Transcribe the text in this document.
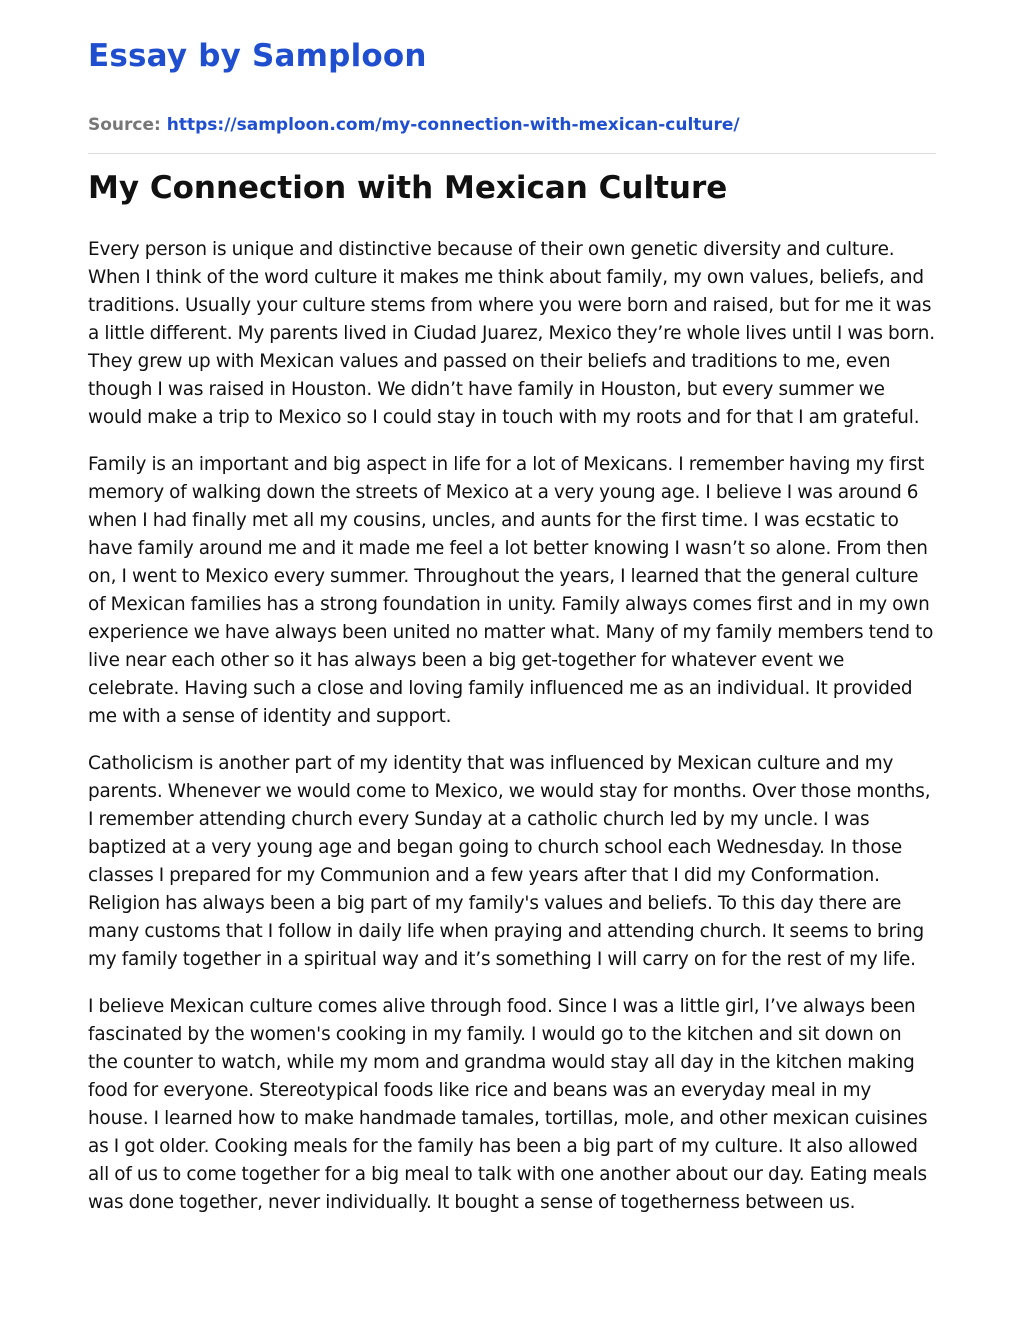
Essay by Samploon
Source: https://samploon.com/my-connection-with-mexican-culture/
My Connection with Mexican Culture

Every person is unique and distinctive because of their own genetic diversity and culture. When I think of the word culture it makes me think about family, my own values, beliefs, and traditions. Usually your culture stems from where you were born and raised, but for me it was a little different. My parents lived in Ciudad Juarez, Mexico they’re whole lives until I was born. They grew up with Mexican values and passed on their beliefs and traditions to me, even though I was raised in Houston. We didn’t have family in Houston, but every summer we would make a trip to Mexico so I could stay in touch with my roots and for that I am grateful.

Family is an important and big aspect in life for a lot of Mexicans. I remember having my first memory of walking down the streets of Mexico at a very young age. I believe I was around 6 when I had finally met all my cousins, uncles, and aunts for the first time. I was ecstatic to have family around me and it made me feel a lot better knowing I wasn’t so alone. From then on, I went to Mexico every summer. Throughout the years, I learned that the general culture of Mexican families has a strong foundation in unity. Family always comes first and in my own experience we have always been united no matter what. Many of my family members tend to live near each other so it has always been a big get-together for whatever event we celebrate. Having such a close and loving family influenced me as an individual. It provided me with a sense of identity and support.

Catholicism is another part of my identity that was influenced by Mexican culture and my parents. Whenever we would come to Mexico, we would stay for months. Over those months, I remember attending church every Sunday at a catholic church led by my uncle. I was baptized at a very young age and began going to church school each Wednesday. In those classes I prepared for my Communion and a few years after that I did my Conformation. Religion has always been a big part of my family's values and beliefs. To this day there are many customs that I follow in daily life when praying and attending church. It seems to bring my family together in a spiritual way and it’s something I will carry on for the rest of my life.

I believe Mexican culture comes alive through food. Since I was a little girl, I’ve always been fascinated by the women's cooking in my family. I would go to the kitchen and sit down on the counter to watch, while my mom and grandma would stay all day in the kitchen making food for everyone. Stereotypical foods like rice and beans was an everyday meal in my house. I learned how to make handmade tamales, tortillas, mole, and other mexican cuisines as I got older. Cooking meals for the family has been a big part of my culture. It also allowed all of us to come together for a big meal to talk with one another about our day. Eating meals was done together, never individually. It bought a sense of togetherness between us.
